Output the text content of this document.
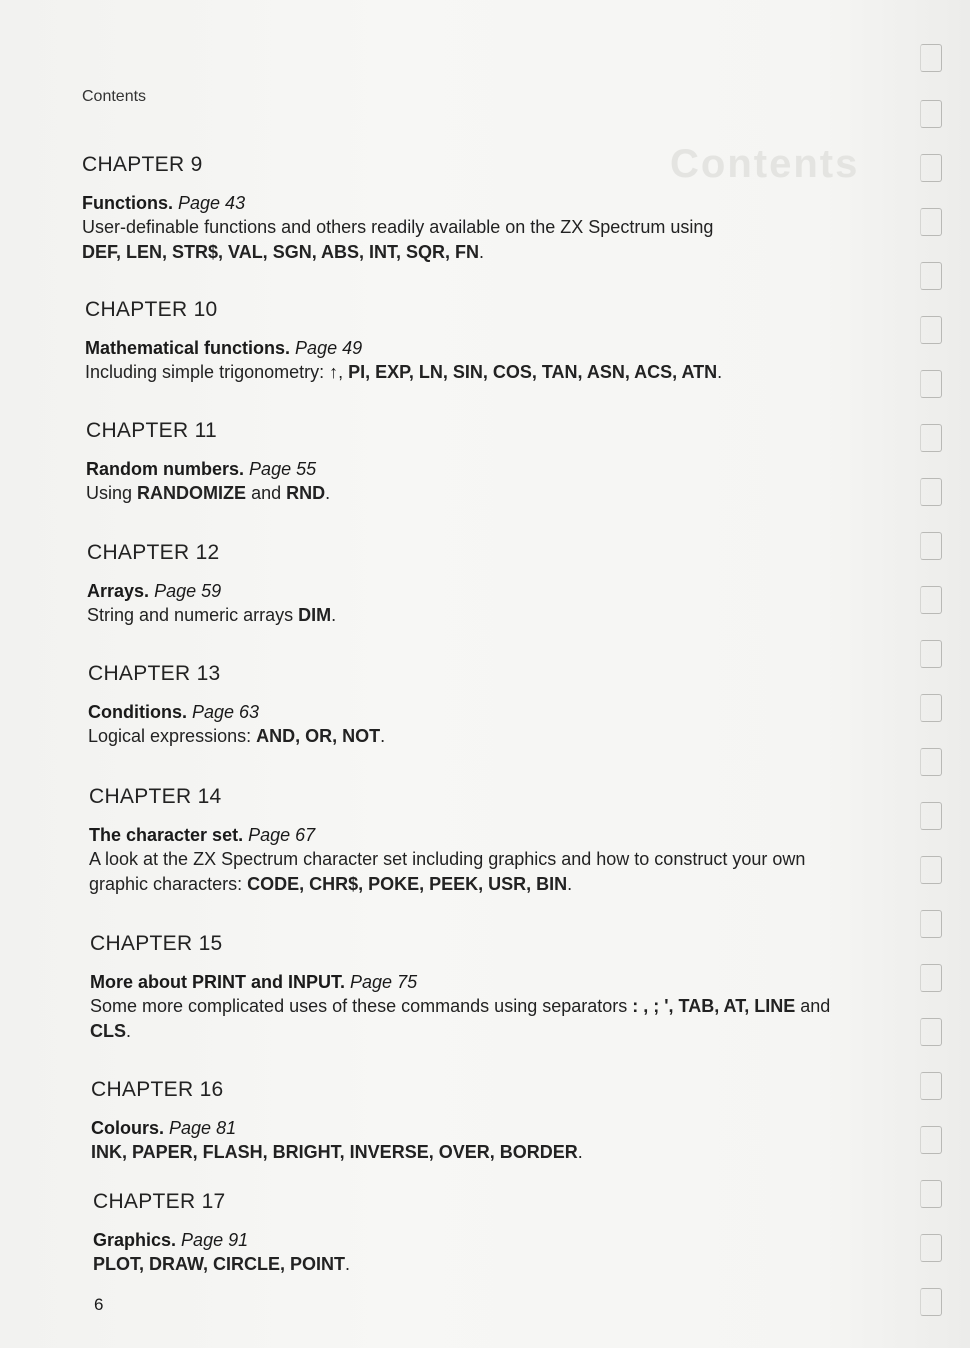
Contents
Contents
CHAPTER 9
Functions. Page 43
User-definable functions and others readily available on the ZX Spectrum using
DEF, LEN, STR$, VAL, SGN, ABS, INT, SQR, FN.
CHAPTER 10
Mathematical functions. Page 49
Including simple trigonometry: ↑, PI, EXP, LN, SIN, COS, TAN, ASN, ACS, ATN.
CHAPTER 11
Random numbers. Page 55
Using RANDOMIZE and RND.
CHAPTER 12
Arrays. Page 59
String and numeric arrays DIM.
CHAPTER 13
Conditions. Page 63
Logical expressions: AND, OR, NOT.
CHAPTER 14
The character set. Page 67
A look at the ZX Spectrum character set including graphics and how to construct your own graphic characters: CODE, CHR$, POKE, PEEK, USR, BIN.
CHAPTER 15
More about PRINT and INPUT. Page 75
Some more complicated uses of these commands using separators : , ; ', TAB, AT, LINE and CLS.
CHAPTER 16
Colours. Page 81
INK, PAPER, FLASH, BRIGHT, INVERSE, OVER, BORDER.
CHAPTER 17
Graphics. Page 91
PLOT, DRAW, CIRCLE, POINT.
6
